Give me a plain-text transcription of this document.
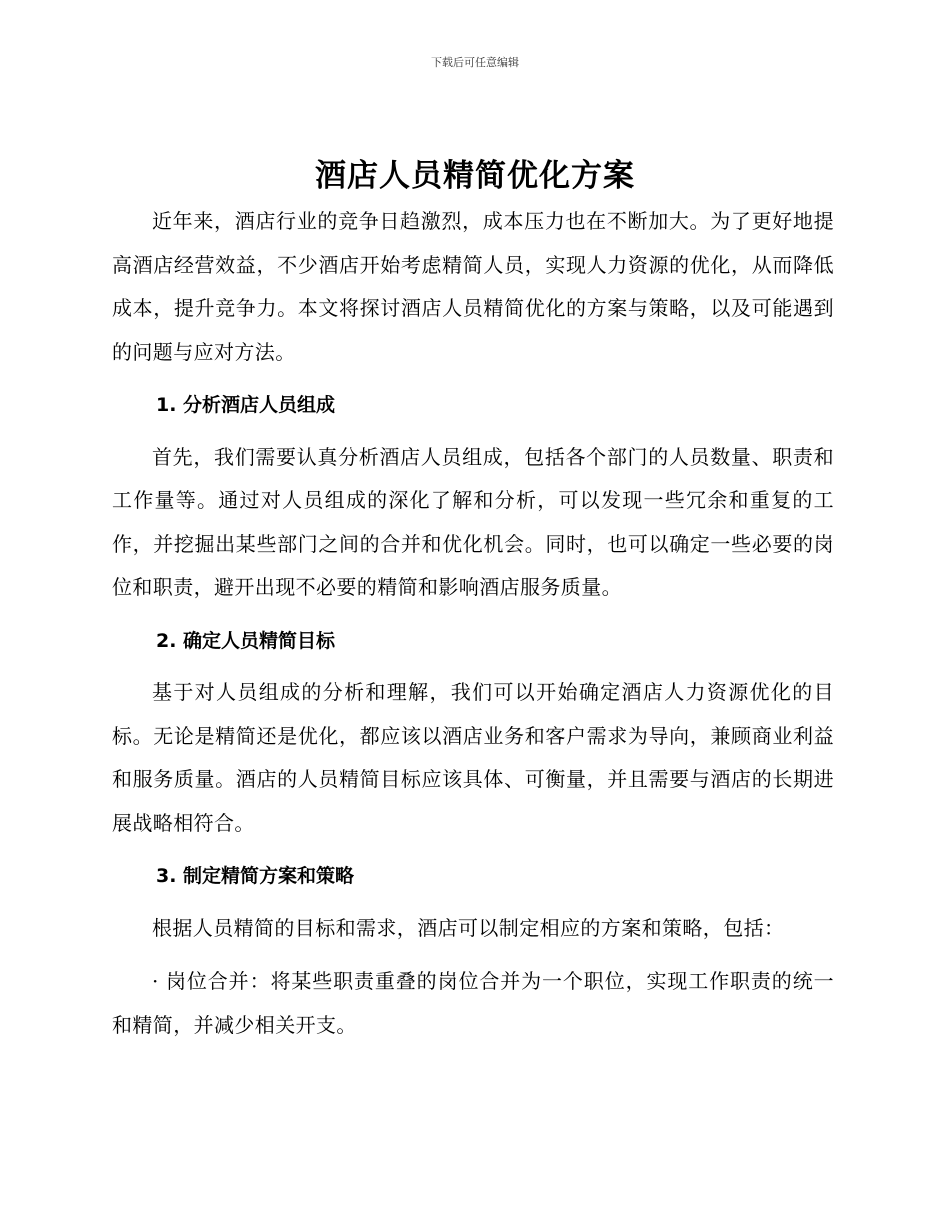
下载后可任意编辑
酒店人员精简优化方案

近年来，酒店行业的竞争日趋激烈，成本压力也在不断加大。为了更好地提高酒店经营效益，不少酒店开始考虑精简人员，实现人力资源的优化，从而降低成本，提升竞争力。本文将探讨酒店人员精简优化的方案与策略，以及可能遇到的问题与应对方法。

1. 分析酒店人员组成

首先，我们需要认真分析酒店人员组成，包括各个部门的人员数量、职责和工作量等。通过对人员组成的深化了解和分析，可以发现一些冗余和重复的工作，并挖掘出某些部门之间的合并和优化机会。同时，也可以确定一些必要的岗位和职责，避开出现不必要的精简和影响酒店服务质量。

2. 确定人员精简目标

基于对人员组成的分析和理解，我们可以开始确定酒店人力资源优化的目标。无论是精简还是优化，都应该以酒店业务和客户需求为导向，兼顾商业利益和服务质量。酒店的人员精简目标应该具体、可衡量，并且需要与酒店的长期进展战略相符合。

3. 制定精简方案和策略

根据人员精简的目标和需求，酒店可以制定相应的方案和策略，包括：

· 岗位合并：将某些职责重叠的岗位合并为一个职位，实现工作职责的统一和精简，并减少相关开支。
